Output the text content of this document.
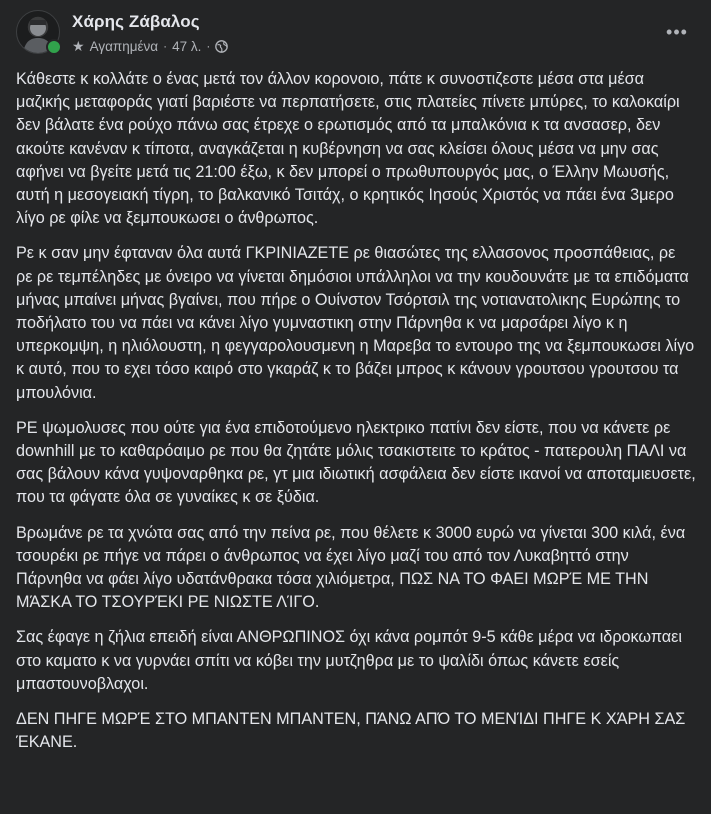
Χάρης Ζάβαλος
★ Αγαπημένα · 47 λ. ·
•••

Κάθεστε κ κολλάτε ο ένας μετά τον άλλον κορονοιο, πάτε κ συνοστιζεστε μέσα στα μέσα μαζικής μεταφοράς γιατί βαριέστε να περπατήσετε, στις πλατείες πίνετε μπύρες, το καλοκαίρι δεν βάλατε ένα ρούχο πάνω σας έτρεχε ο ερωτισμός από τα μπαλκόνια κ τα ανσασερ, δεν ακούτε κανέναν κ τίποτα, αναγκάζεται η κυβέρνηση να σας κλείσει όλους μέσα να μην σας αφήνει να βγείτε μετά τις 21:00 έξω, κ δεν μπορεί ο πρωθυπουργός μας, ο Έλλην Μωυσής, αυτή η μεσογειακή τίγρη, το βαλκανικό Τσιτάχ, ο κρητικός Ιησούς Χριστός να πάει ένα 3μερο λίγο ρε φίλε να ξεμπουκωσει ο άνθρωπος.

Ρε κ σαν μην έφταναν όλα αυτά ΓΚΡΙΝΙΑΖΕΤΕ ρε θιασώτες της ελλασονος προσπάθειας, ρε ρε ρε τεμπέληδες με όνειρο να γίνεται δημόσιοι υπάλληλοι να την κουδουνάτε με τα επιδόματα μήνας μπαίνει μήνας βγαίνει, που πήρε ο Ουίνστον Τσόρτσιλ της νοτιανατολικης Ευρώπης το ποδήλατο του να πάει να κάνει λίγο γυμναστικη στην Πάρνηθα κ να μαρσάρει λίγο κ η υπερκομψη, η ηλιόλουστη, η φεγγαρολουσμενη η Μαρεβα το εντουρο της να ξεμπουκωσει λίγο κ αυτό, που το εχει τόσο καιρό στο γκαράζ κ το βάζει μπρος κ κάνουν γρουτσου γρουτσου τα μπουλόνια.

ΡΕ ψωμολυσες που ούτε για ένα επιδοτούμενο ηλεκτρικο πατίνι δεν είστε, που να κάνετε ρε downhill με το καθαρόαιμο ρε που θα ζητάτε μόλις τσακιστειτε το κράτος - πατερουλη ΠΑΛΙ να σας βάλουν κάνα γυψοναρθηκα ρε, γτ μια ιδιωτική ασφάλεια δεν είστε ικανοί να αποταμιευσετε, που τα φάγατε όλα σε γυναίκες κ σε ξύδια.

Βρωμάνε ρε τα χνώτα σας από την πείνα ρε, που θέλετε κ 3000 ευρώ να γίνεται 300 κιλά, ένα τσουρέκι ρε πήγε να πάρει ο άνθρωπος να έχει λίγο μαζί του από τον Λυκαβηττό στην Πάρνηθα να φάει λίγο υδατάνθρακα τόσα χιλιόμετρα, ΠΩΣ ΝΑ ΤΟ ΦΑΕΙ ΜΩΡΈ ΜΕ ΤΗΝ ΜΆΣΚΑ ΤΟ ΤΣΟΥΡΈΚΙ ΡΕ ΝΙΩΣΤΕ ΛΊΓΟ.

Σας έφαγε η ζήλια επειδή είναι ΑΝΘΡΩΠΙΝΟΣ όχι κάνα ρομπότ 9-5 κάθε μέρα να ιδροκωπαει στο καματο κ να γυρνάει σπίτι να κόβει την μυτζηθρα με το ψαλίδι όπως κάνετε εσείς μπαστουνοβλαχοι.

ΔΕΝ ΠΗΓΕ ΜΩΡΈ ΣΤΟ ΜΠΑΝΤΕΝ ΜΠΑΝΤΕΝ, ΠΆΝΩ ΑΠΌ ΤΟ ΜΕΝΊΔΙ ΠΗΓΕ Κ ΧΆΡΗ ΣΑΣ ΈΚΑΝΕ.
